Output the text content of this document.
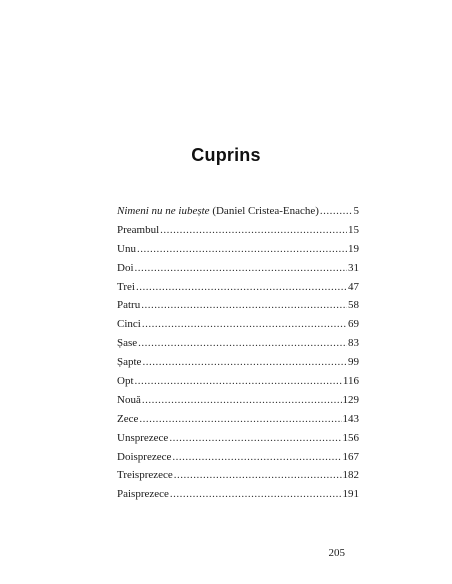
Cuprins
Nimeni nu ne iubește (Daniel Cristea-Enache) .....	5
Preambul .....	15
Unu .....	19
Doi .....	31
Trei .....	47
Patru .....	58
Cinci .....	69
Șase .....	83
Șapte .....	99
Opt .....	116
Nouă .....	129
Zece .....	143
Unsprezece .....	156
Doisprezece .....	167
Treisprezece .....	182
Paisprezece .....	191
205
